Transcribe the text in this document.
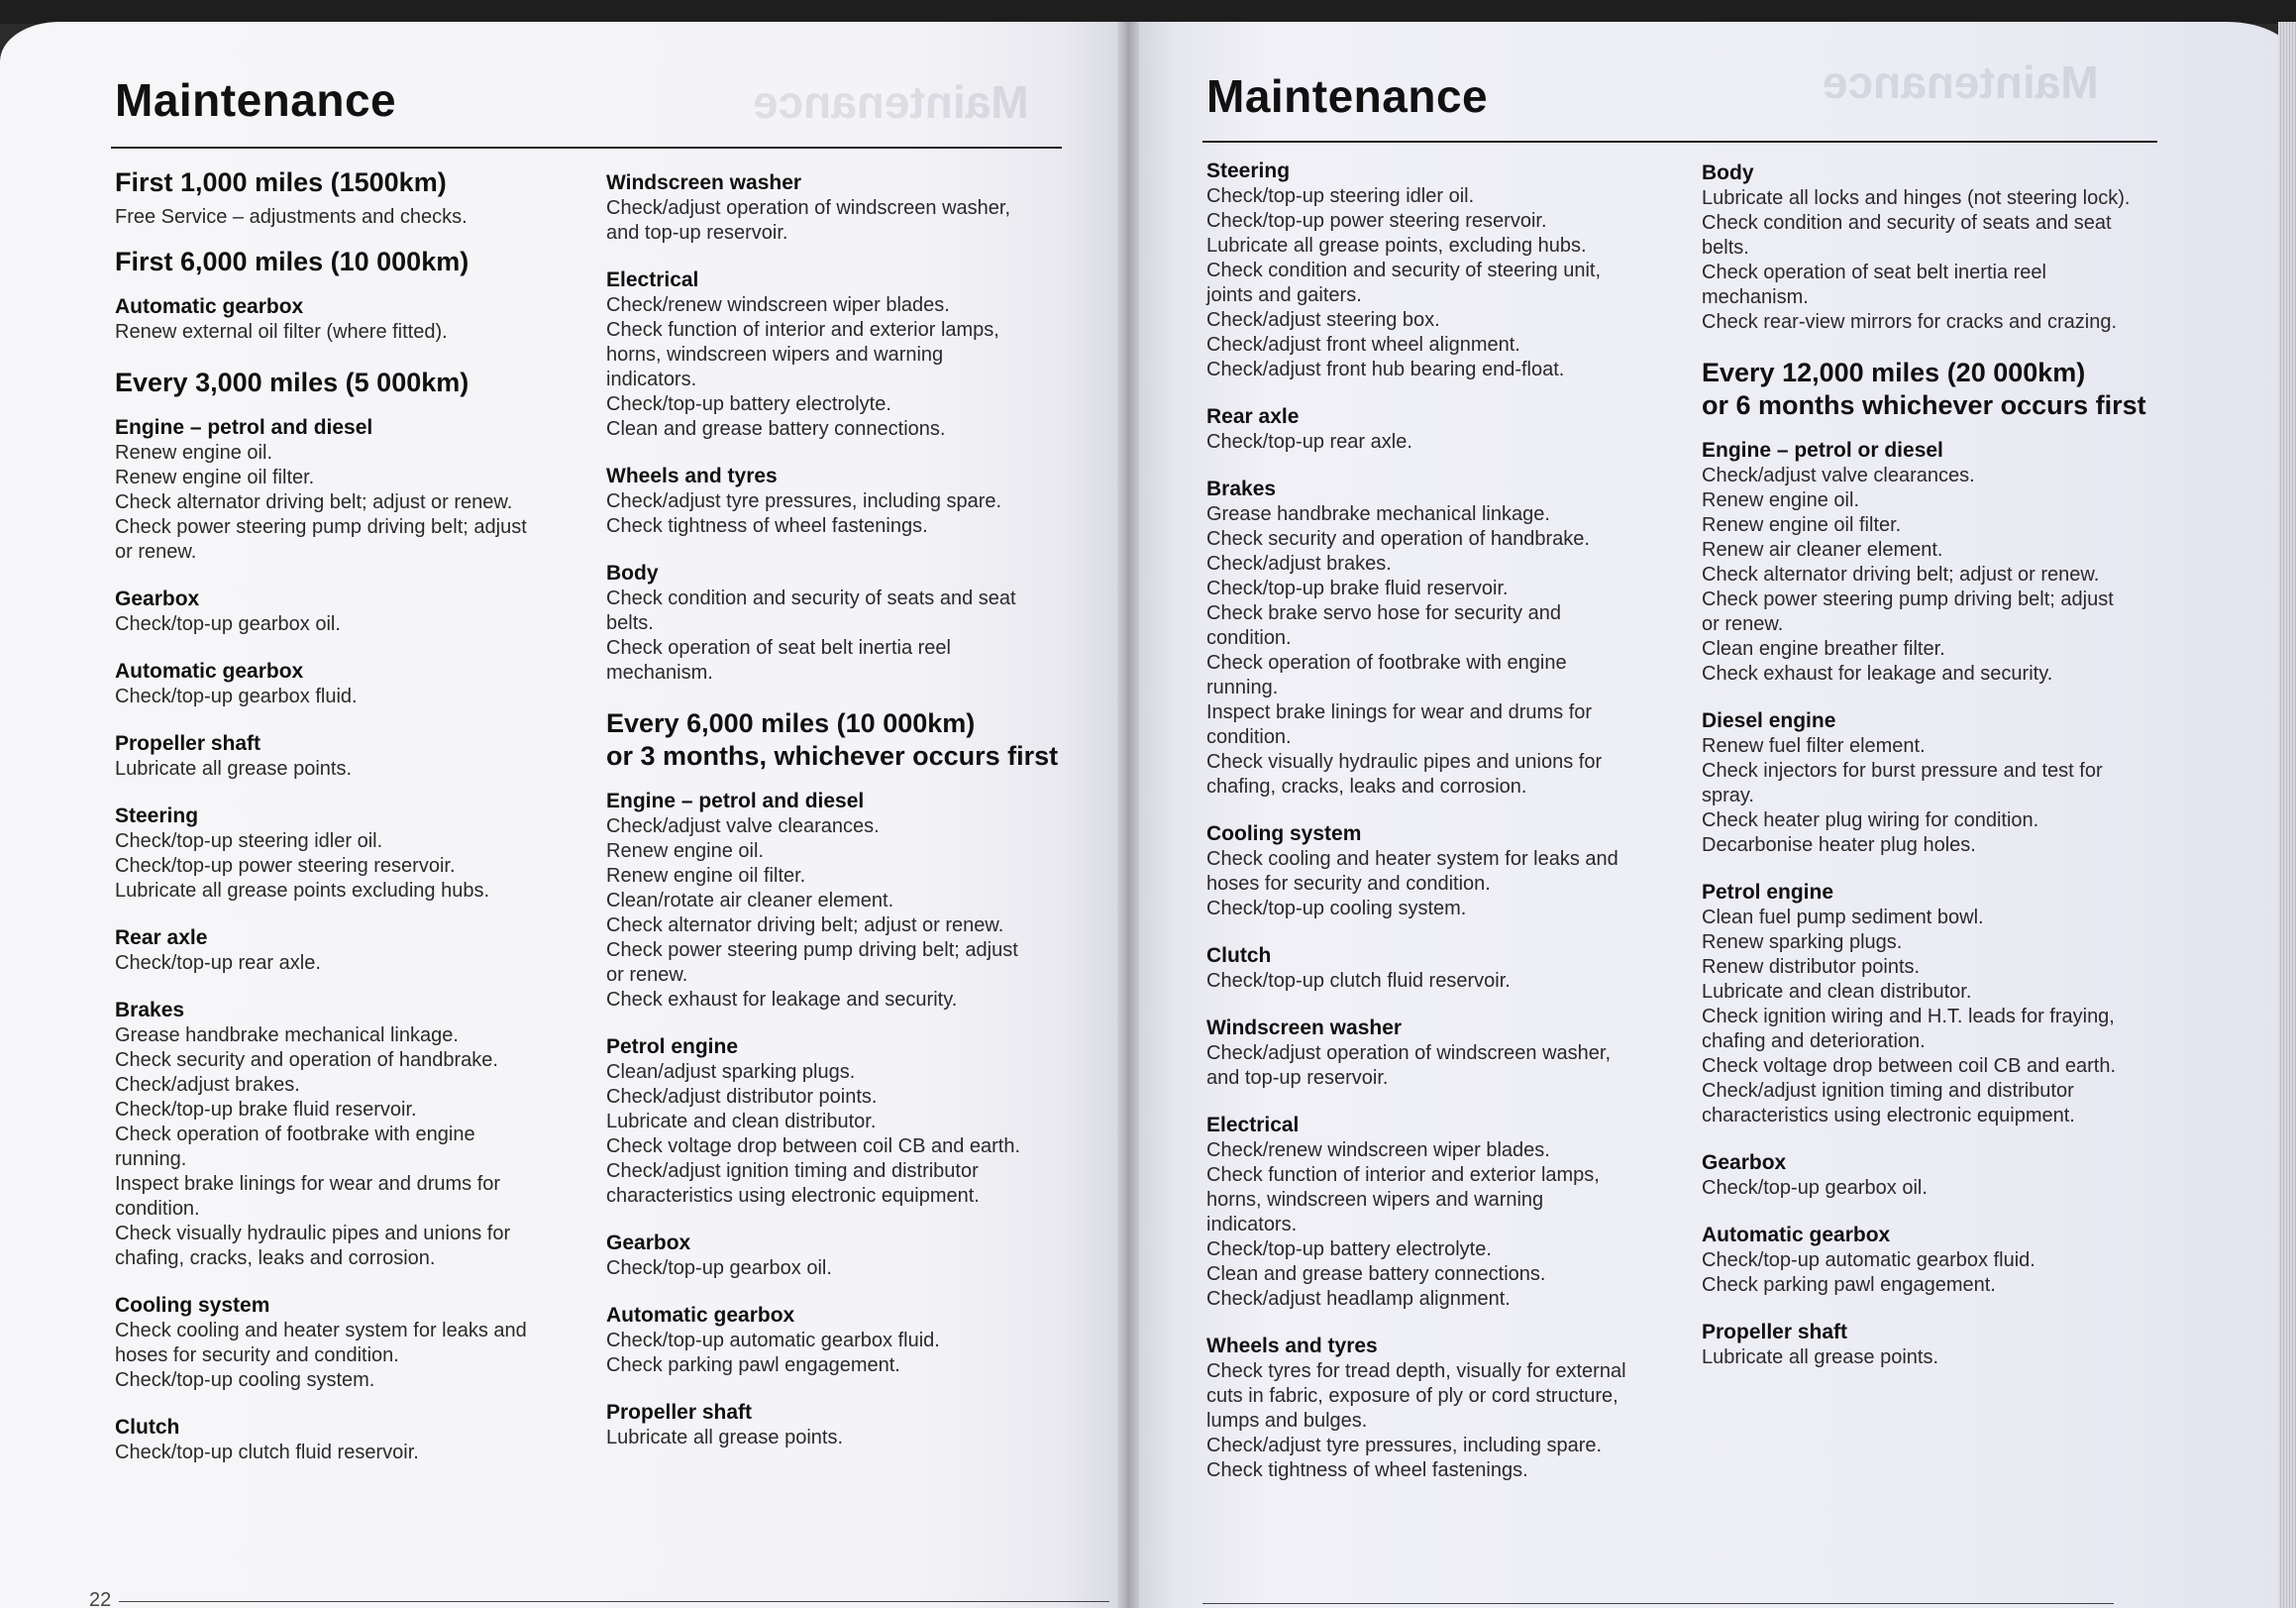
Maintenance	Maintenance
Maintenance
First 1,000 miles (1500km)
Free Service – adjustments and checks.
First 6,000 miles (10 000km)
Automatic gearbox
Renew external oil filter (where fitted).
Every 3,000 miles (5 000km)
Engine – petrol and diesel
Renew engine oil.
Renew engine oil filter.
Check alternator driving belt; adjust or renew.
Check power steering pump driving belt; adjust
or renew.
Gearbox
Check/top-up gearbox oil.
Automatic gearbox
Check/top-up gearbox fluid.
Propeller shaft
Lubricate all grease points.
Steering
Check/top-up steering idler oil.
Check/top-up power steering reservoir.
Lubricate all grease points excluding hubs.
Rear axle
Check/top-up rear axle.
Brakes
Grease handbrake mechanical linkage.
Check security and operation of handbrake.
Check/adjust brakes.
Check/top-up brake fluid reservoir.
Check operation of footbrake with engine
running.
Inspect brake linings for wear and drums for
condition.
Check visually hydraulic pipes and unions for
chafing, cracks, leaks and corrosion.
Cooling system
Check cooling and heater system for leaks and
hoses for security and condition.
Check/top-up cooling system.
Clutch
Check/top-up clutch fluid reservoir.
Windscreen washer
Check/adjust operation of windscreen washer,
and top-up reservoir.
Electrical
Check/renew windscreen wiper blades.
Check function of interior and exterior lamps,
horns, windscreen wipers and warning
indicators.
Check/top-up battery electrolyte.
Clean and grease battery connections.
Wheels and tyres
Check/adjust tyre pressures, including spare.
Check tightness of wheel fastenings.
Body
Check condition and security of seats and seat
belts.
Check operation of seat belt inertia reel
mechanism.
Every 6,000 miles (10 000km)
or 3 months, whichever occurs first
Engine – petrol and diesel
Check/adjust valve clearances.
Renew engine oil.
Renew engine oil filter.
Clean/rotate air cleaner element.
Check alternator driving belt; adjust or renew.
Check power steering pump driving belt; adjust
or renew.
Check exhaust for leakage and security.
Petrol engine
Clean/adjust sparking plugs.
Check/adjust distributor points.
Lubricate and clean distributor.
Check voltage drop between coil CB and earth.
Check/adjust ignition timing and distributor
characteristics using electronic equipment.
Gearbox
Check/top-up gearbox oil.
Automatic gearbox
Check/top-up automatic gearbox fluid.
Check parking pawl engagement.
Propeller shaft
Lubricate all grease points.
22
Maintenance
Steering
Check/top-up steering idler oil.
Check/top-up power steering reservoir.
Lubricate all grease points, excluding hubs.
Check condition and security of steering unit,
joints and gaiters.
Check/adjust steering box.
Check/adjust front wheel alignment.
Check/adjust front hub bearing end-float.
Rear axle
Check/top-up rear axle.
Brakes
Grease handbrake mechanical linkage.
Check security and operation of handbrake.
Check/adjust brakes.
Check/top-up brake fluid reservoir.
Check brake servo hose for security and
condition.
Check operation of footbrake with engine
running.
Inspect brake linings for wear and drums for
condition.
Check visually hydraulic pipes and unions for
chafing, cracks, leaks and corrosion.
Cooling system
Check cooling and heater system for leaks and
hoses for security and condition.
Check/top-up cooling system.
Clutch
Check/top-up clutch fluid reservoir.
Windscreen washer
Check/adjust operation of windscreen washer,
and top-up reservoir.
Electrical
Check/renew windscreen wiper blades.
Check function of interior and exterior lamps,
horns, windscreen wipers and warning
indicators.
Check/top-up battery electrolyte.
Clean and grease battery connections.
Check/adjust headlamp alignment.
Wheels and tyres
Check tyres for tread depth, visually for external
cuts in fabric, exposure of ply or cord structure,
lumps and bulges.
Check/adjust tyre pressures, including spare.
Check tightness of wheel fastenings.
Body
Lubricate all locks and hinges (not steering lock).
Check condition and security of seats and seat
belts.
Check operation of seat belt inertia reel
mechanism.
Check rear-view mirrors for cracks and crazing.
Every 12,000 miles (20 000km)
or 6 months whichever occurs first
Engine – petrol or diesel
Check/adjust valve clearances.
Renew engine oil.
Renew engine oil filter.
Renew air cleaner element.
Check alternator driving belt; adjust or renew.
Check power steering pump driving belt; adjust
or renew.
Clean engine breather filter.
Check exhaust for leakage and security.
Diesel engine
Renew fuel filter element.
Check injectors for burst pressure and test for
spray.
Check heater plug wiring for condition.
Decarbonise heater plug holes.
Petrol engine
Clean fuel pump sediment bowl.
Renew sparking plugs.
Renew distributor points.
Lubricate and clean distributor.
Check ignition wiring and H.T. leads for fraying,
chafing and deterioration.
Check voltage drop between coil CB and earth.
Check/adjust ignition timing and distributor
characteristics using electronic equipment.
Gearbox
Check/top-up gearbox oil.
Automatic gearbox
Check/top-up automatic gearbox fluid.
Check parking pawl engagement.
Propeller shaft
Lubricate all grease points.
